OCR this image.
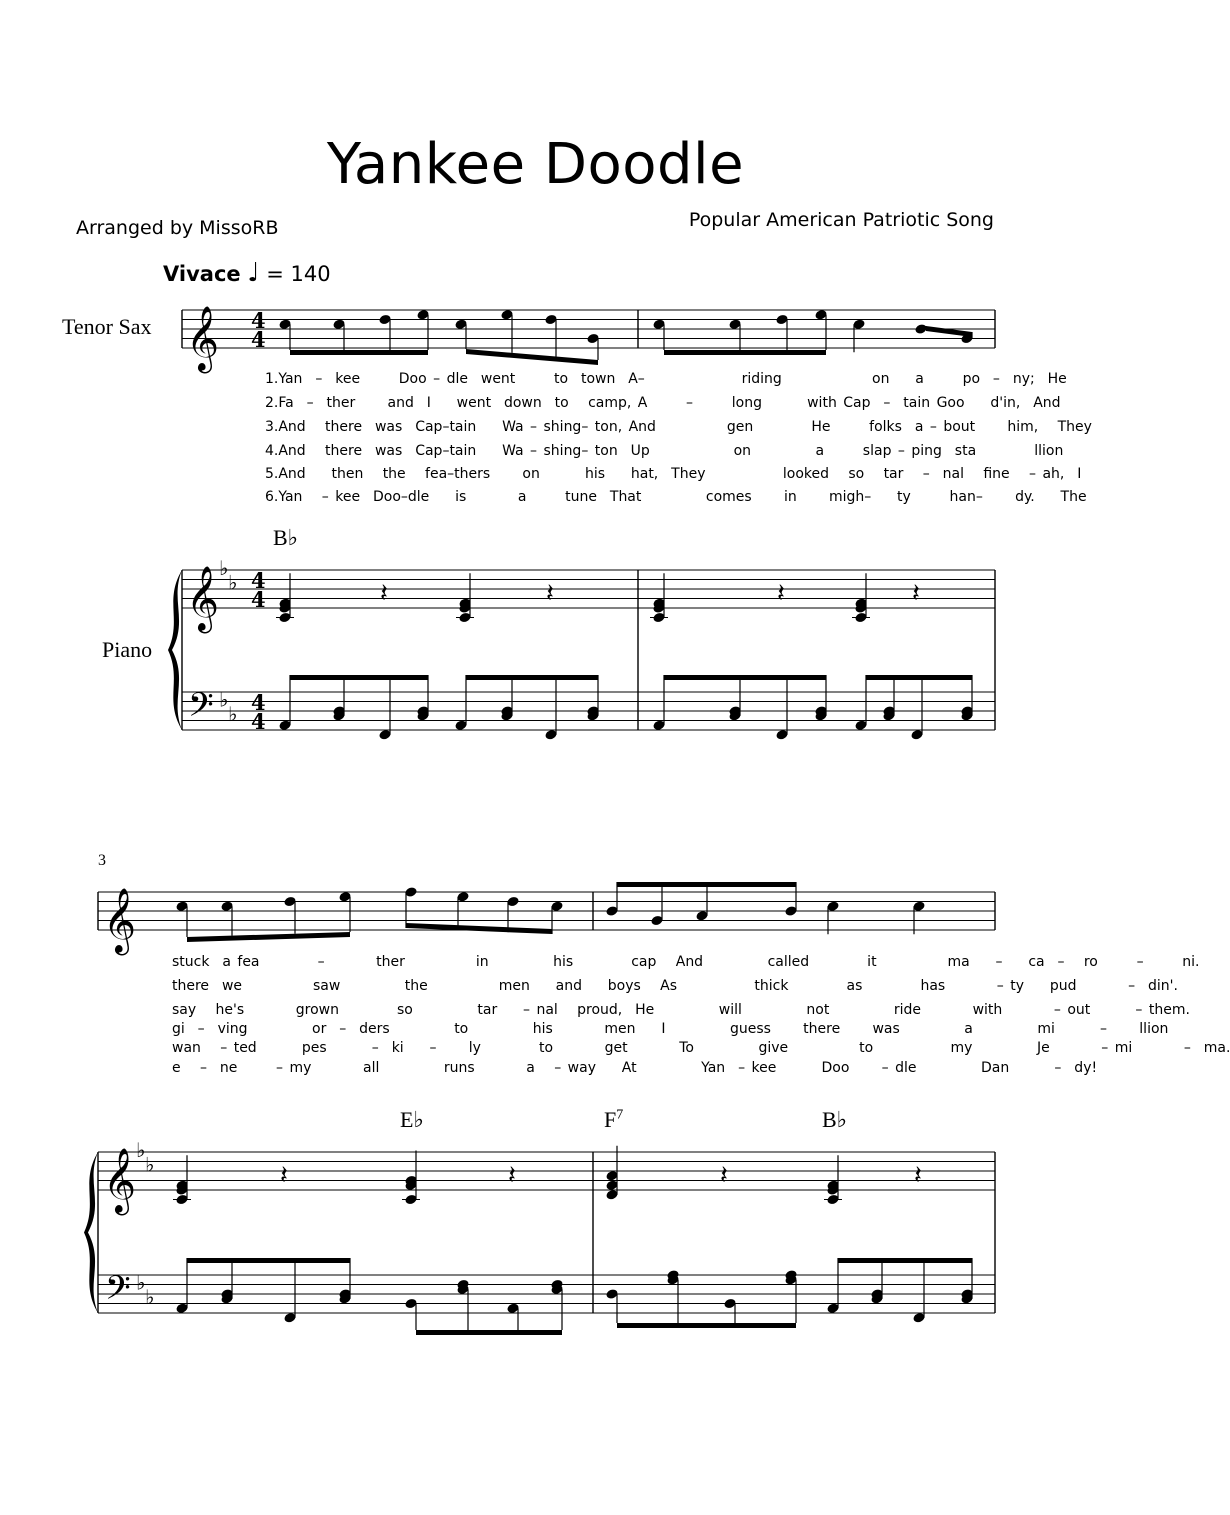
Yankee Doodle
Arranged by MissoRB	Popular American Patriotic Song
Vivace ♩ = 140
Tenor Sax
Piano
3
B♭
E♭	$F^7$	B♭
1.Yan  –  kee      Doo – dle  went      to  town  A–               riding              on    a      po  –  ny;  He
2.Fa  –  ther     and  I    went  down  to   camp, A      –      long       with Cap  –  tain Goo    d'in,  And
3.And   there  was  Cap–tain    Wa – shing– ton, And           gen         He      folks  a – bout     him,   They
4.And   there  was  Cap–tain    Wa – shing– ton  Up             on          a      slap – ping  sta         llion
5.And    then   the   fea–thers     on       his    hat,  They            looked   so   tar   –  nal   fine   – ah,  I
6.Yan   – kee  Doo–dle    is        a      tune  That          comes     in     migh–    ty      han–     dy.    The
stuck  a fea         –        ther           in          his         cap   And          called         it           ma    –    ca  –   ro      –      ni.
there  we           saw          the           men    and    boys   As            thick         as         has        – ty    pud        –  din'.
say   he's        grown         so          tar    – nal   proud,  He          will          not          ride        with        – out       – them.
gi  –  ving          or  –  ders          to          his        men    I          guess     there     was          a          mi       –     llion
wan   – ted       pes       –  ki    –     ly         to        get        To          give           to            my          Je        – mi        –  ma.
e   –  ne      – my        all          runs        a   – way    At          Yan  – kee       Doo     – dle          Dan       –  dy!
𝄞 4
4
𝄞 ♭
♭ 4
4
𝄢 ♭
♭ 4
4
𝄽	𝄽	𝄽	𝄽
𝄞
𝄞 ♭
♭
𝄢 ♭
♭
𝄽	𝄽	𝄽	𝄽
